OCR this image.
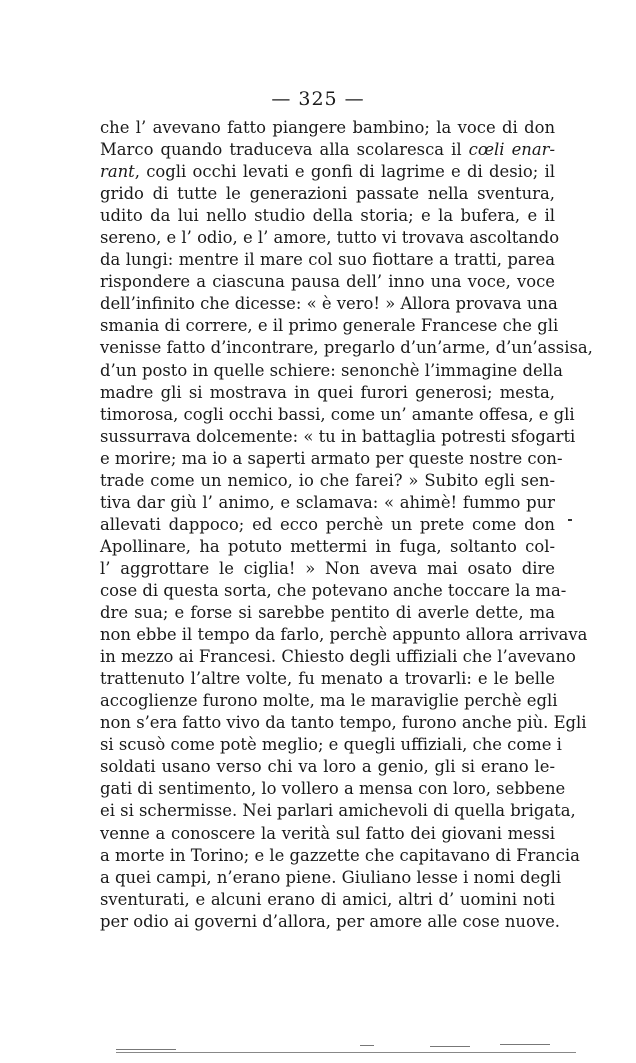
— 325 —
che l’ avevano fatto piangere bambino; la voce di don
Marco quando traduceva alla scolaresca il cœli enar-
rant, cogli occhi levati e gonfi di lagrime e di desio; il
grido di tutte le generazioni passate nella sventura,
udito da lui nello studio della storia; e la bufera, e il
sereno, e l’ odio, e l’ amore, tutto vi trovava ascoltando
da lungi: mentre il mare col suo fiottare a tratti, parea
rispondere a ciascuna pausa dell’ inno una voce, voce
dell’infinito che dicesse: « è vero! » Allora provava una
smania di correre, e il primo generale Francese che gli
venisse fatto d’incontrare, pregarlo d’un’arme, d’un’assisa,
d’un posto in quelle schiere: senonchè l’immagine della
madre gli si mostrava in quei furori generosi; mesta,
timorosa, cogli occhi bassi, come un’ amante offesa, e gli
sussurrava dolcemente: « tu in battaglia potresti sfogarti
e morire; ma io a saperti armato per queste nostre con-
trade come un nemico, io che farei? » Subito egli sen-
tiva dar giù l’ animo, e sclamava: « ahimè! fummo pur
allevati dappoco; ed ecco perchè un prete come don
Apollinare, ha potuto mettermi in fuga, soltanto col-
l’ aggrottare le ciglia! » Non aveva mai osato dire
cose di questa sorta, che potevano anche toccare la ma-
dre sua; e forse si sarebbe pentito di averle dette, ma
non ebbe il tempo da farlo, perchè appunto allora arrivava
in mezzo ai Francesi. Chiesto degli uffiziali che l’avevano
trattenuto l’altre volte, fu menato a trovarli: e le belle
accoglienze furono molte, ma le maraviglie perchè egli
non s’era fatto vivo da tanto tempo, furono anche più. Egli
si scusò come potè meglio; e quegli uffiziali, che come i
soldati usano verso chi va loro a genio, gli si erano le-
gati di sentimento, lo vollero a mensa con loro, sebbene
ei si schermisse. Nei parlari amichevoli di quella brigata,
venne a conoscere la verità sul fatto dei giovani messi
a morte in Torino; e le gazzette che capitavano di Francia
a quei campi, n’erano piene. Giuliano lesse i nomi degli
sventurati, e alcuni erano di amici, altri d’ uomini noti
per odio ai governi d’allora, per amore alle cose nuove.
